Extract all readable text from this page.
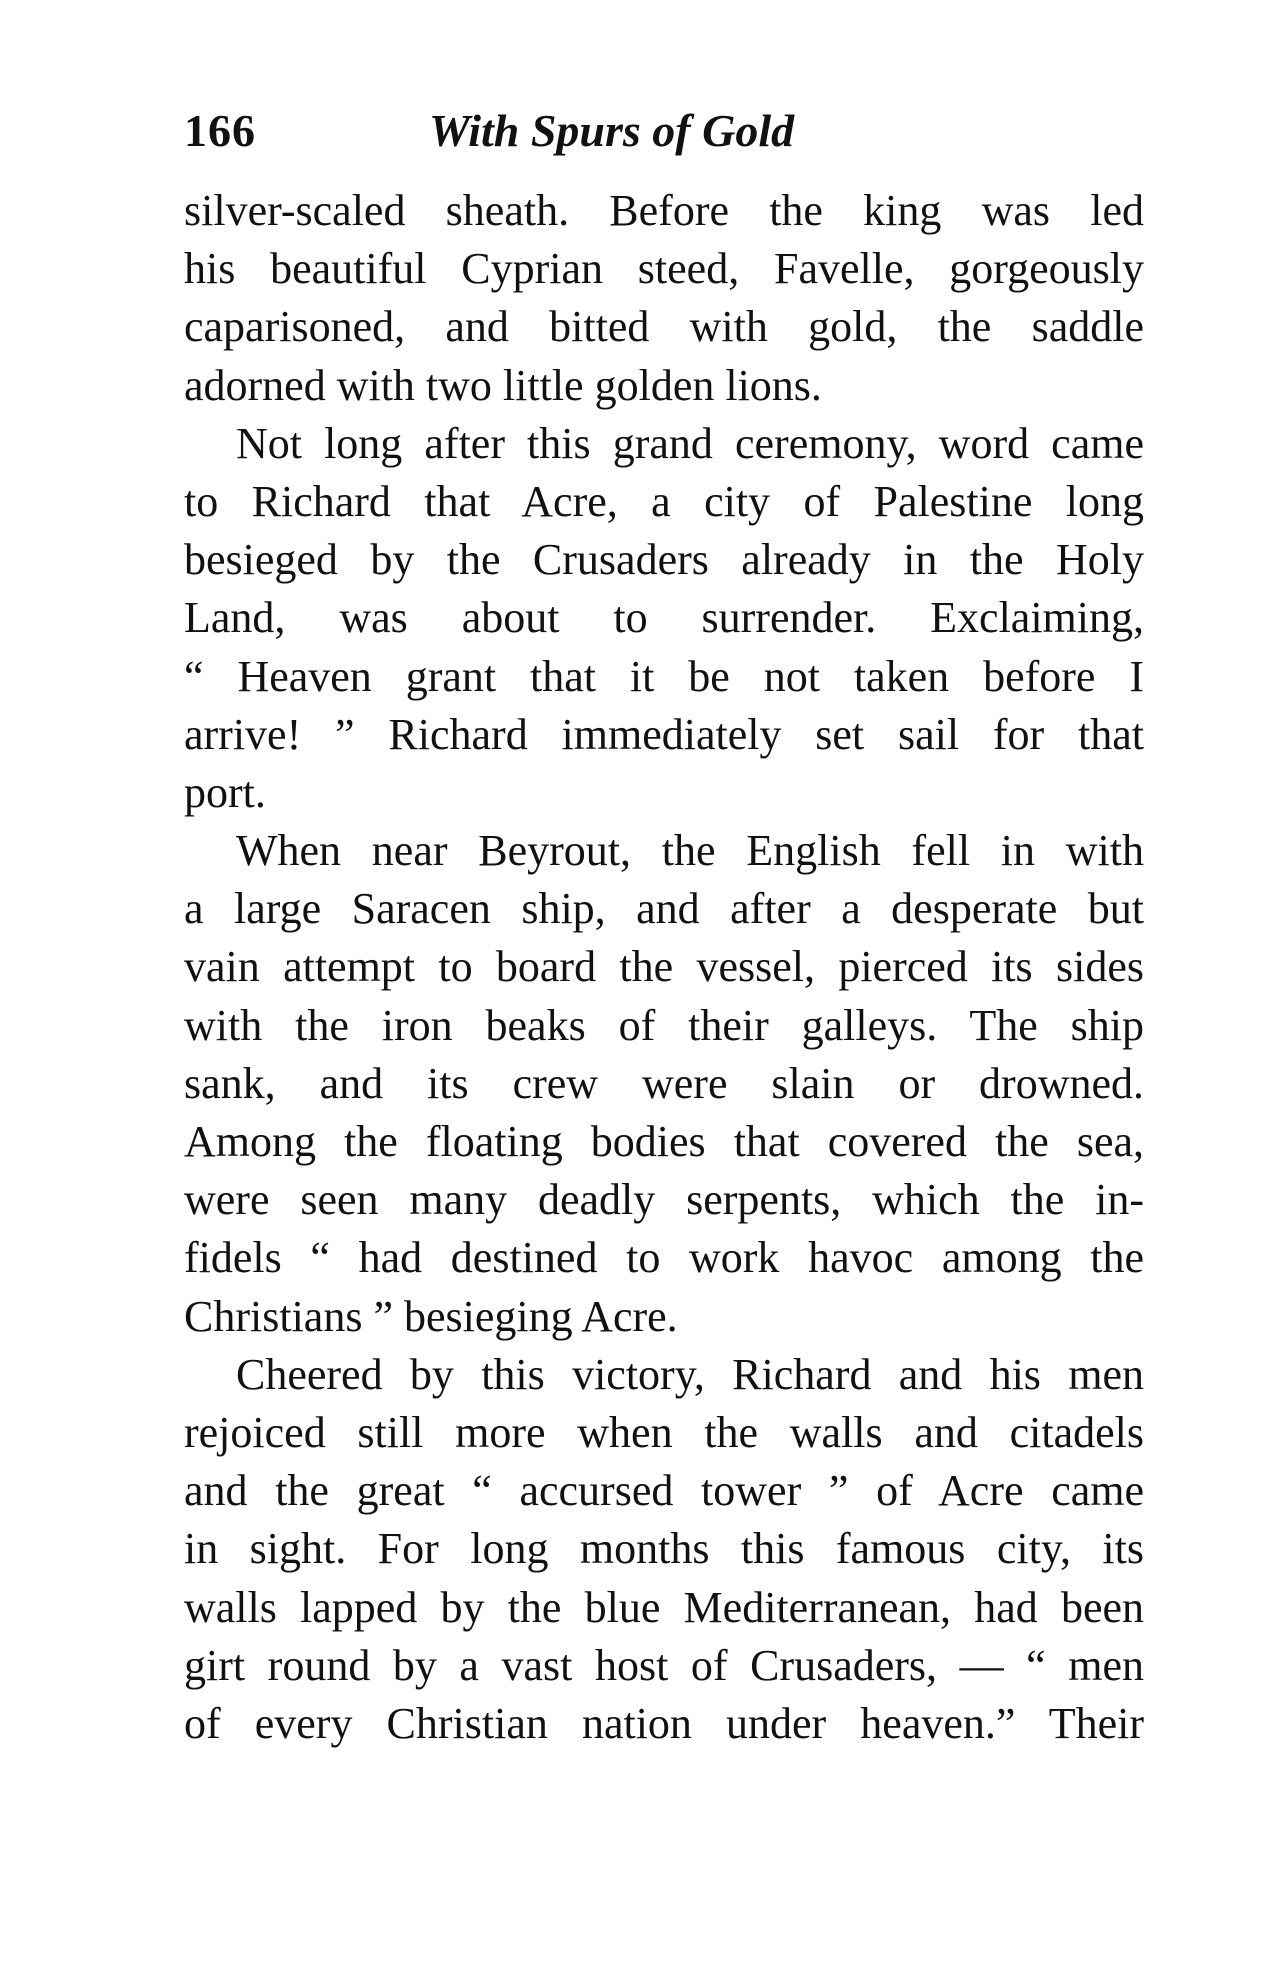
166	With Spurs of Gold
silver-scaled sheath. Before the king was led
his beautiful Cyprian steed, Favelle, gorgeously
caparisoned, and bitted with gold, the saddle
adorned with two little golden lions.
Not long after this grand ceremony, word came
to Richard that Acre, a city of Palestine long
besieged by the Crusaders already in the Holy
Land, was about to surrender. Exclaiming,
“ Heaven grant that it be not taken before I
arrive! ” Richard immediately set sail for that
port.
When near Beyrout, the English fell in with
a large Saracen ship, and after a desperate but
vain attempt to board the vessel, pierced its sides
with the iron beaks of their galleys. The ship
sank, and its crew were slain or drowned.
Among the floating bodies that covered the sea,
were seen many deadly serpents, which the in-
fidels “ had destined to work havoc among the
Christians ” besieging Acre.
Cheered by this victory, Richard and his men
rejoiced still more when the walls and citadels
and the great “ accursed tower ” of Acre came
in sight. For long months this famous city, its
walls lapped by the blue Mediterranean, had been
girt round by a vast host of Crusaders, — “ men
of every Christian nation under heaven.” Their
